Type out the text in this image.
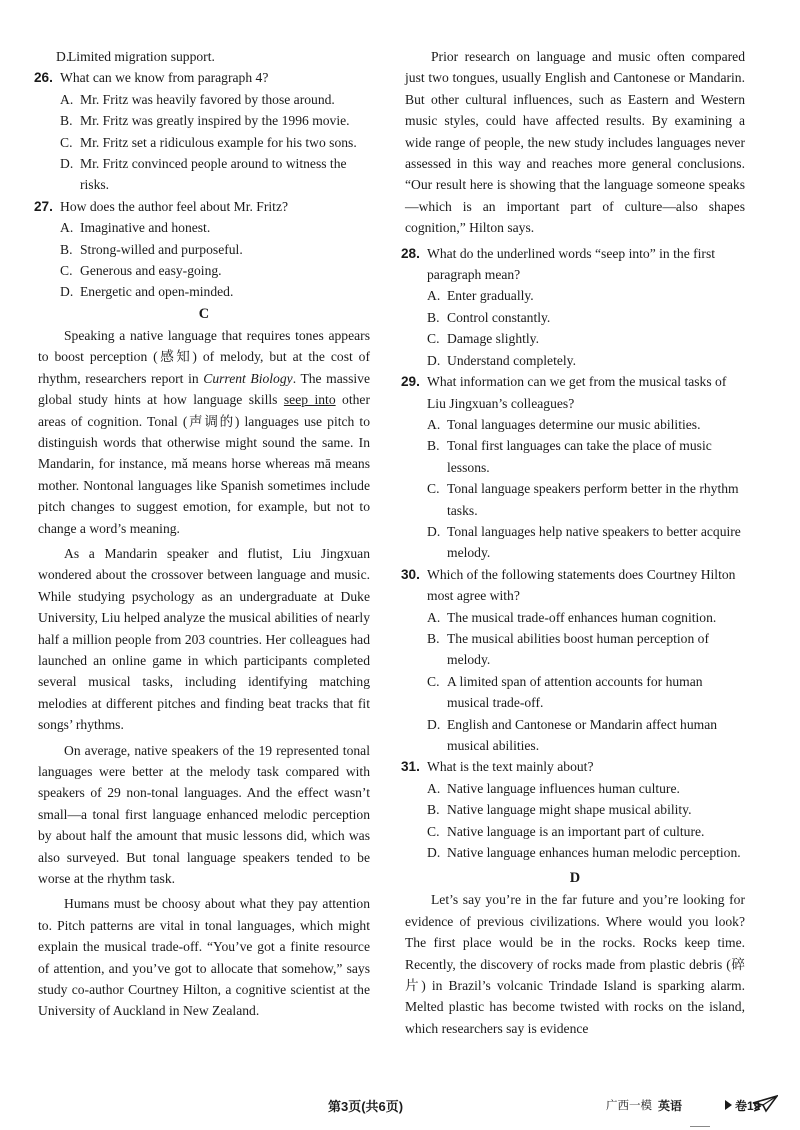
D.
Limited migration support.

26. What can we know from paragraph 4?

A. Mr. Fritz was heavily favored by those around.

B. Mr. Fritz was greatly inspired by the 1996 movie.

C. Mr. Fritz set a ridiculous example for his two sons.

D. Mr. Fritz convinced people around to witness the risks.

27. How does the author feel about Mr. Fritz?

A. Imaginative and honest.

B. Strong-willed and purposeful.

C. Generous and easy-going.

D. Energetic and open-minded.

C

Speaking a native language that requires tones appears to boost perception (感知) of melody, but at the cost of rhythm, researchers report in Current Biology. The massive global study hints at how language skills seep into other areas of cognition. Tonal (声调的) languages use pitch to distinguish words that otherwise might sound the same. In Mandarin, for instance, mǎ means horse whereas mā means mother. Nontonal languages like Spanish sometimes include pitch changes to suggest emotion, for example, but not to change a word’s meaning.

As a Mandarin speaker and flutist, Liu Jingxuan wondered about the crossover between language and music. While studying psychology as an undergraduate at Duke University, Liu helped analyze the musical abilities of nearly half a million people from 203 countries. Her colleagues had launched an online game in which participants completed several musical tasks, including identifying matching melodies at different pitches and finding beat tracks that fit songs’ rhythms.

On average, native speakers of the 19 represented tonal languages were better at the melody task compared with speakers of 29 non-tonal languages. And the effect wasn’t small—a tonal first language enhanced melodic perception by about half the amount that music lessons did, which was also surveyed. But tonal language speakers tended to be worse at the rhythm task.

Humans must be choosy about what they pay attention to. Pitch patterns are vital in tonal languages, which might explain the musical trade-off. “You’ve got a finite resource of attention, and you’ve got to allocate that somehow,” says study co-author Courtney Hilton, a cognitive scientist at the University of Auckland in New Zealand.

Prior research on language and music often compared just two tongues, usually English and Cantonese or Mandarin. But other cultural influences, such as Eastern and Western music styles, could have affected results. By examining a wide range of people, the new study includes languages never assessed in this way and reaches more general conclusions. “Our result here is showing that the language someone speaks—which is an important part of culture—also shapes cognition,” Hilton says.

28. What do the underlined words “seep into” in the first paragraph mean?

A. Enter gradually.

B. Control constantly.

C. Damage slightly.

D. Understand completely.

29. What information can we get from the musical tasks of Liu Jingxuan’s colleagues?

A. Tonal languages determine our music abilities.

B. Tonal first languages can take the place of music lessons.

C. Tonal language speakers perform better in the rhythm tasks.

D. Tonal languages help native speakers to better acquire melody.

30. Which of the following statements does Courtney Hilton most agree with?

A. The musical trade-off enhances human cognition.

B. The musical abilities boost human perception of melody.

C. A limited span of attention accounts for human musical trade-off.

D. English and Cantonese or Mandarin affect human musical abilities.

31. What is the text mainly about?

A. Native language influences human culture.

B. Native language might shape musical ability.

C. Native language is an important part of culture.

D. Native language enhances human melodic perception.

D

Let’s say you’re in the far future and you’re looking for evidence of previous civilizations. Where would you look? The first place would be in the rocks. Rocks keep time. Recently, the discovery of rocks made from plastic debris (碎片) in Brazil’s volcanic Trindade Island is sparking alarm. Melted plastic has become twisted with rocks on the island, which researchers say is evidence

第3页(共6页)	广西一模 英语	卷19
